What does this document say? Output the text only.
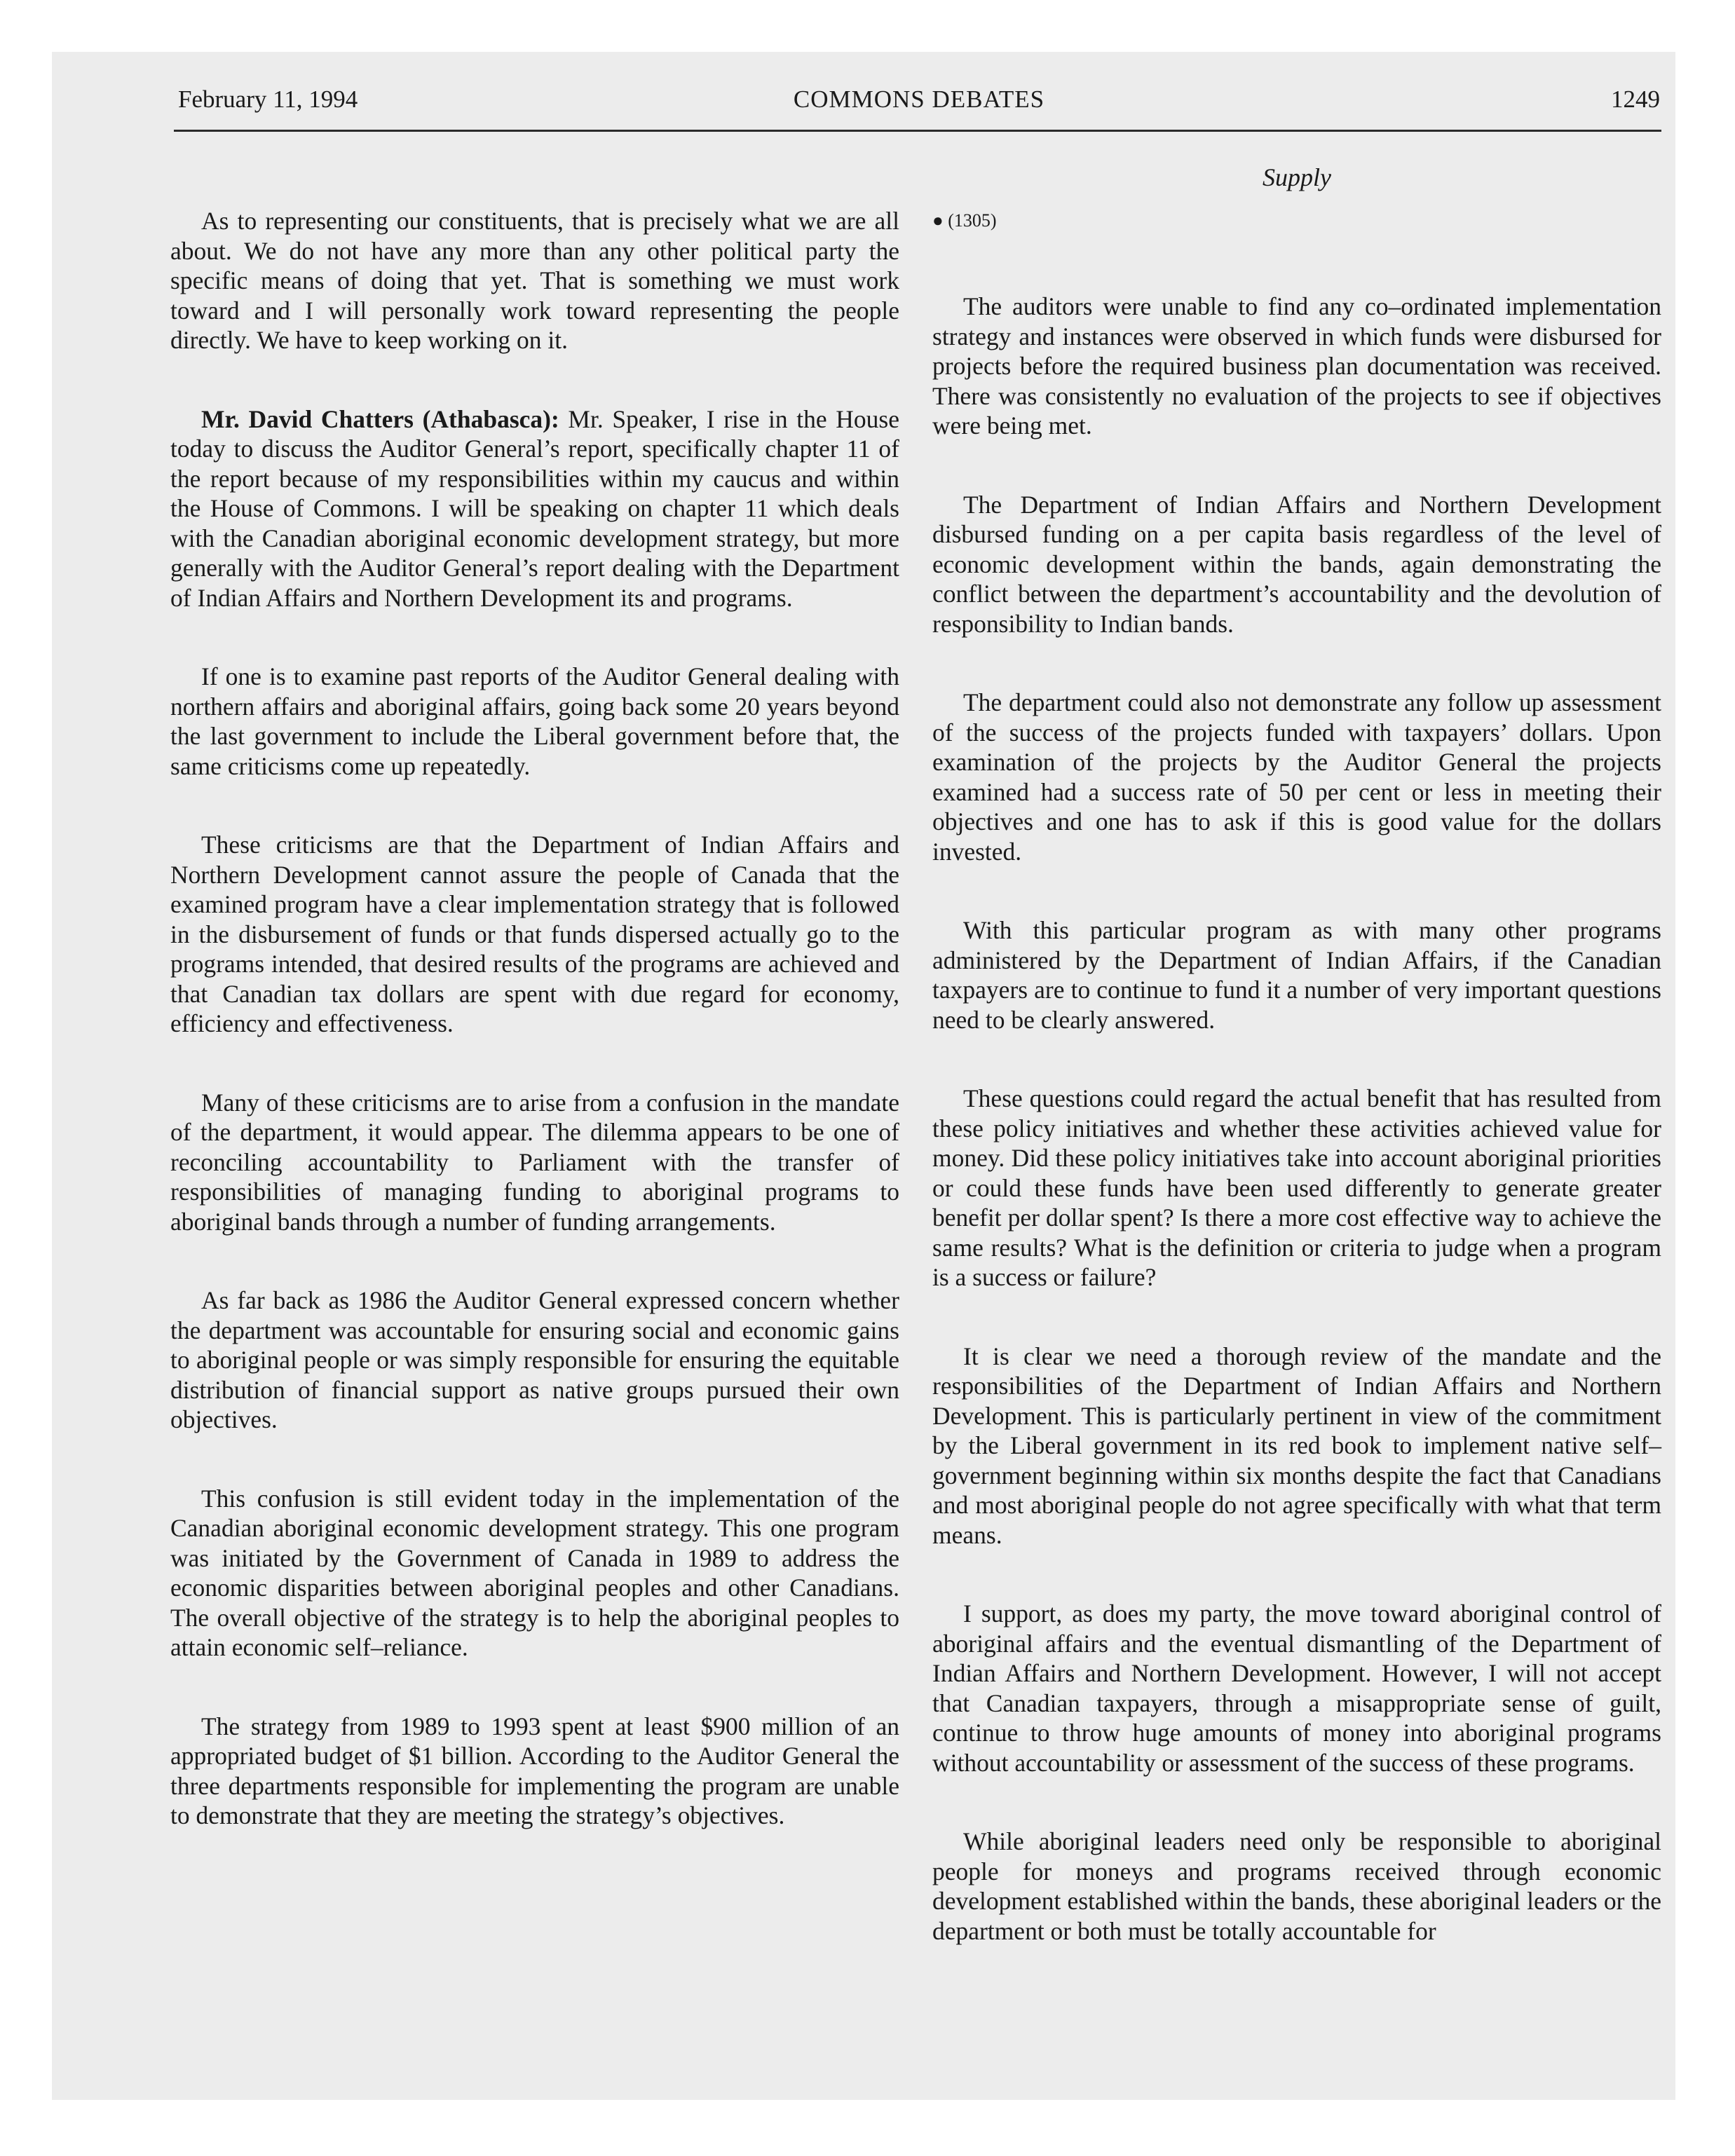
February 11, 1994	COMMONS DEBATES	1249
Supply

As to representing our constituents, that is precisely what we are all about. We do not have any more than any other political party the specific means of doing that yet. That is something we must work toward and I will personally work toward representing the people directly. We have to keep working on it.

Mr. David Chatters (Athabasca): Mr. Speaker, I rise in the House today to discuss the Auditor General’s report, specifically chapter 11 of the report because of my responsibilities within my caucus and within the House of Commons. I will be speaking on chapter 11 which deals with the Canadian aboriginal economic development strategy, but more generally with the Auditor General’s report dealing with the Department of Indian Affairs and Northern Development its and programs.

If one is to examine past reports of the Auditor General dealing with northern affairs and aboriginal affairs, going back some 20 years beyond the last government to include the Liberal government before that, the same criticisms come up repeatedly.

These criticisms are that the Department of Indian Affairs and Northern Development cannot assure the people of Canada that the examined program have a clear implementation strategy that is followed in the disbursement of funds or that funds dispersed actually go to the programs intended, that desired results of the programs are achieved and that Canadian tax dollars are spent with due regard for economy, efficiency and effectiveness.

Many of these criticisms are to arise from a confusion in the mandate of the department, it would appear. The dilemma appears to be one of reconciling accountability to Parliament with the transfer of responsibilities of managing funding to aboriginal programs to aboriginal bands through a number of funding arrangements.

As far back as 1986 the Auditor General expressed concern whether the department was accountable for ensuring social and economic gains to aboriginal people or was simply responsible for ensuring the equitable distribution of financial support as native groups pursued their own objectives.

This confusion is still evident today in the implementation of the Canadian aboriginal economic development strategy. This one program was initiated by the Government of Canada in 1989 to address the economic disparities between aboriginal peoples and other Canadians. The overall objective of the strategy is to help the aboriginal peoples to attain economic self–reliance.

The strategy from 1989 to 1993 spent at least $900 million of an appropriated budget of $1 billion. According to the Auditor General the three departments responsible for implementing the program are unable to demonstrate that they are meeting the strategy’s objectives.

● (1305)

The auditors were unable to find any co–ordinated implementation strategy and instances were observed in which funds were disbursed for projects before the required business plan documentation was received. There was consistently no evaluation of the projects to see if objectives were being met.

The Department of Indian Affairs and Northern Development disbursed funding on a per capita basis regardless of the level of economic development within the bands, again demonstrating the conflict between the department’s accountability and the devolution of responsibility to Indian bands.

The department could also not demonstrate any follow up assessment of the success of the projects funded with taxpayers’ dollars. Upon examination of the projects by the Auditor General the projects examined had a success rate of 50 per cent or less in meeting their objectives and one has to ask if this is good value for the dollars invested.

With this particular program as with many other programs administered by the Department of Indian Affairs, if the Canadian taxpayers are to continue to fund it a number of very important questions need to be clearly answered.

These questions could regard the actual benefit that has resulted from these policy initiatives and whether these activities achieved value for money. Did these policy initiatives take into account aboriginal priorities or could these funds have been used differently to generate greater benefit per dollar spent? Is there a more cost effective way to achieve the same results? What is the definition or criteria to judge when a program is a success or failure?

It is clear we need a thorough review of the mandate and the responsibilities of the Department of Indian Affairs and Northern Development. This is particularly pertinent in view of the commitment by the Liberal government in its red book to implement native self–government beginning within six months despite the fact that Canadians and most aboriginal people do not agree specifically with what that term means.

I support, as does my party, the move toward aboriginal control of aboriginal affairs and the eventual dismantling of the Department of Indian Affairs and Northern Development. However, I will not accept that Canadian taxpayers, through a misappropriate sense of guilt, continue to throw huge amounts of money into aboriginal programs without accountability or assessment of the success of these programs.

While aboriginal leaders need only be responsible to aboriginal people for moneys and programs received through economic development established within the bands, these aboriginal leaders or the department or both must be totally accountable for
